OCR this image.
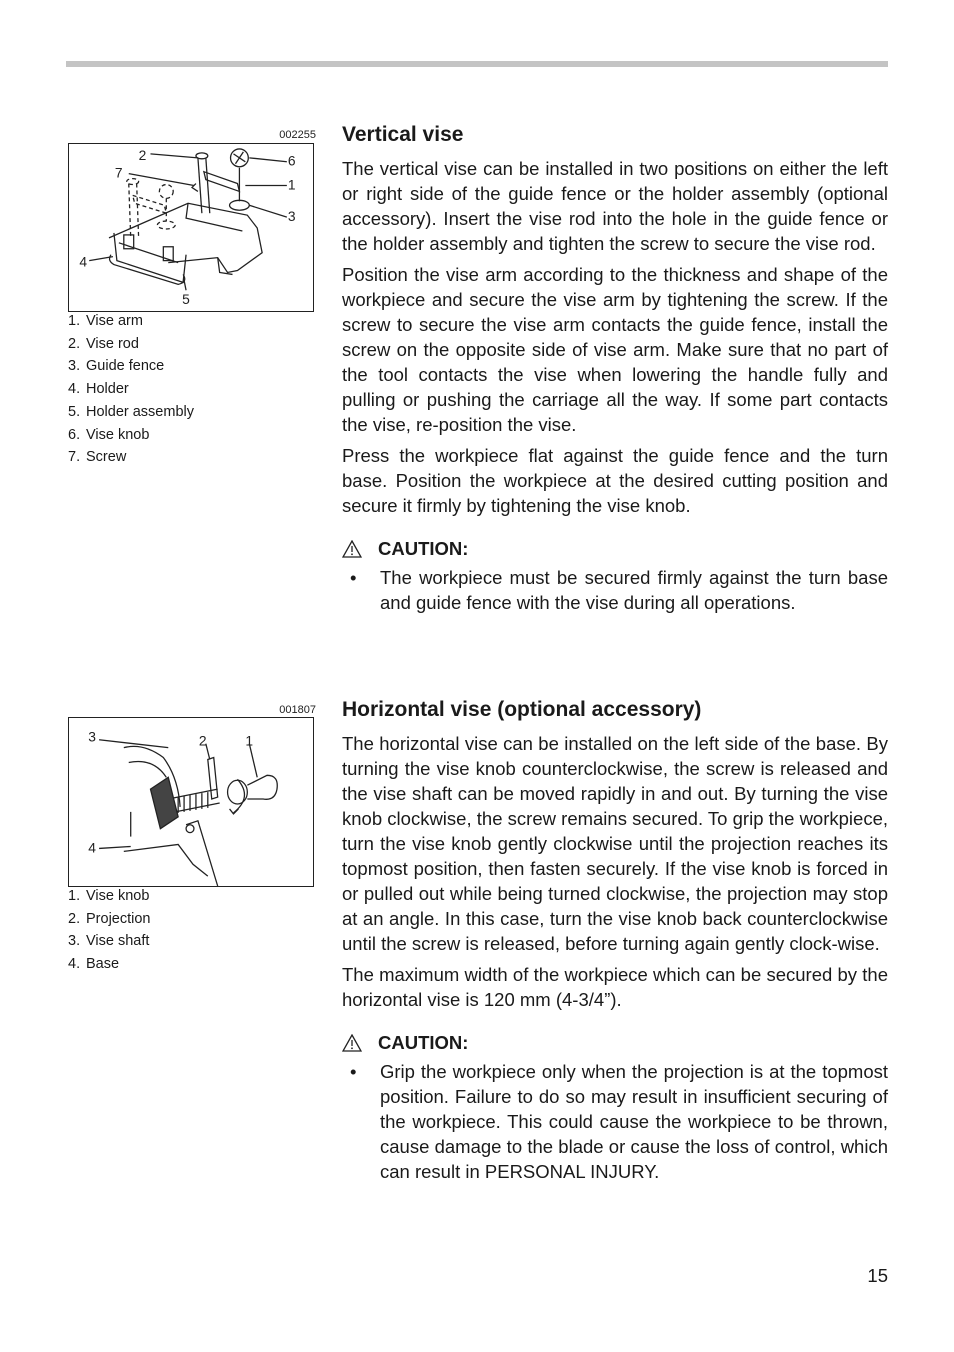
002255
2
7
6
1
3
4
5
1. Vise arm
2. Vise rod
3. Guide fence
4. Holder
5. Holder assembly
6. Vise knob
7. Screw
001807
3	2	1
4
1. Vise knob
2. Projection
3. Vise shaft
4. Base
Vertical vise

The vertical vise can be installed in two positions on either the left or right side of the guide fence or the holder assembly (optional accessory). Insert the vise rod into the hole in the guide fence or the holder assembly and tighten the screw to secure the vise rod.

Position the vise arm according to the thickness and shape of the workpiece and secure the vise arm by tightening the screw. If the screw to secure the vise arm contacts the guide fence, install the screw on the opposite side of vise arm. Make sure that no part of the tool contacts the vise when lowering the handle fully and pulling or pushing the carriage all the way. If some part contacts the vise, re-position the vise.

Press the workpiece flat against the guide fence and the turn base. Position the workpiece at the desired cutting position and secure it firmly by tightening the vise knob.

CAUTION:
•	The workpiece must be secured firmly against the turn base and guide fence with the vise during all operations.
Horizontal vise (optional accessory)

The horizontal vise can be installed on the left side of the base. By turning the vise knob counterclockwise, the screw is released and the vise shaft can be moved rapidly in and out. By turning the vise knob clockwise, the screw remains secured. To grip the workpiece, turn the vise knob gently clockwise until the projection reaches its topmost position, then fasten securely. If the vise knob is forced in or pulled out while being turned clockwise, the projection may stop at an angle. In this case, turn the vise knob back counterclockwise until the screw is released, before turning again gently clock-wise.

The maximum width of the workpiece which can be secured by the horizontal vise is 120 mm (4-3/4”).

CAUTION:
•	Grip the workpiece only when the projection is at the topmost position. Failure to do so may result in insufficient securing of the workpiece. This could cause the workpiece to be thrown, cause damage to the blade or cause the loss of control, which can result in PERSONAL INJURY.
15
